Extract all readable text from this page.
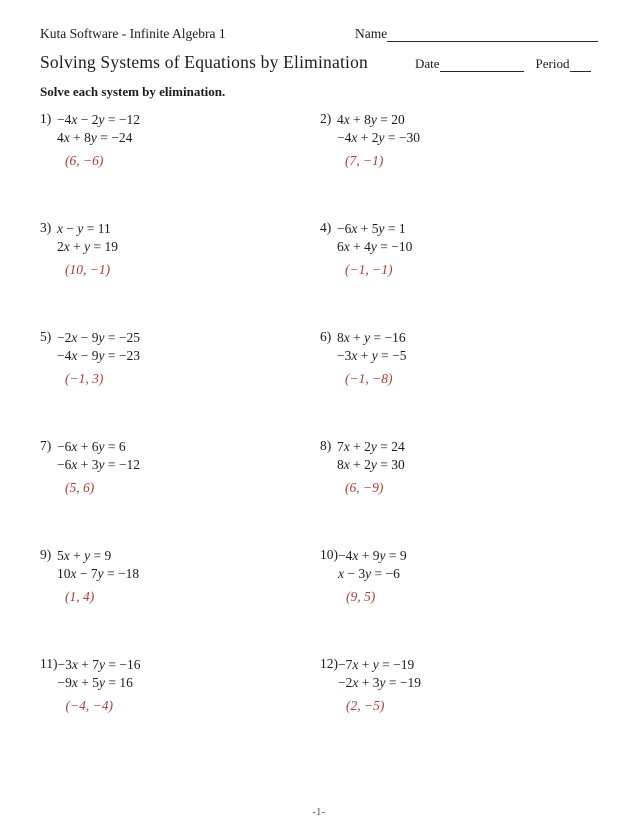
Kuta Software - Infinite Algebra 1	Name
Solving Systems of Equations by Elimination	Date	Period
Solve each system by elimination.
1) −4x − 2y = −12
4x + 8y = −24
(6, −6)
2) 4x + 8y = 20
−4x + 2y = −30
(7, −1)
3) x − y = 11
2x + y = 19
(10, −1)
4) −6x + 5y = 1
6x + 4y = −10
(−1, −1)
5) −2x − 9y = −25
−4x − 9y = −23
(−1, 3)
6) 8x + y = −16
−3x + y = −5
(−1, −8)
7) −6x + 6y = 6
−6x + 3y = −12
(5, 6)
8) 7x + 2y = 24
8x + 2y = 30
(6, −9)
9) 5x + y = 9
10x − 7y = −18
(1, 4)
10) −4x + 9y = 9
x − 3y = −6
(9, 5)
11) −3x + 7y = −16
−9x + 5y = 16
(−4, −4)
12) −7x + y = −19
−2x + 3y = −19
(2, −5)
-1-
